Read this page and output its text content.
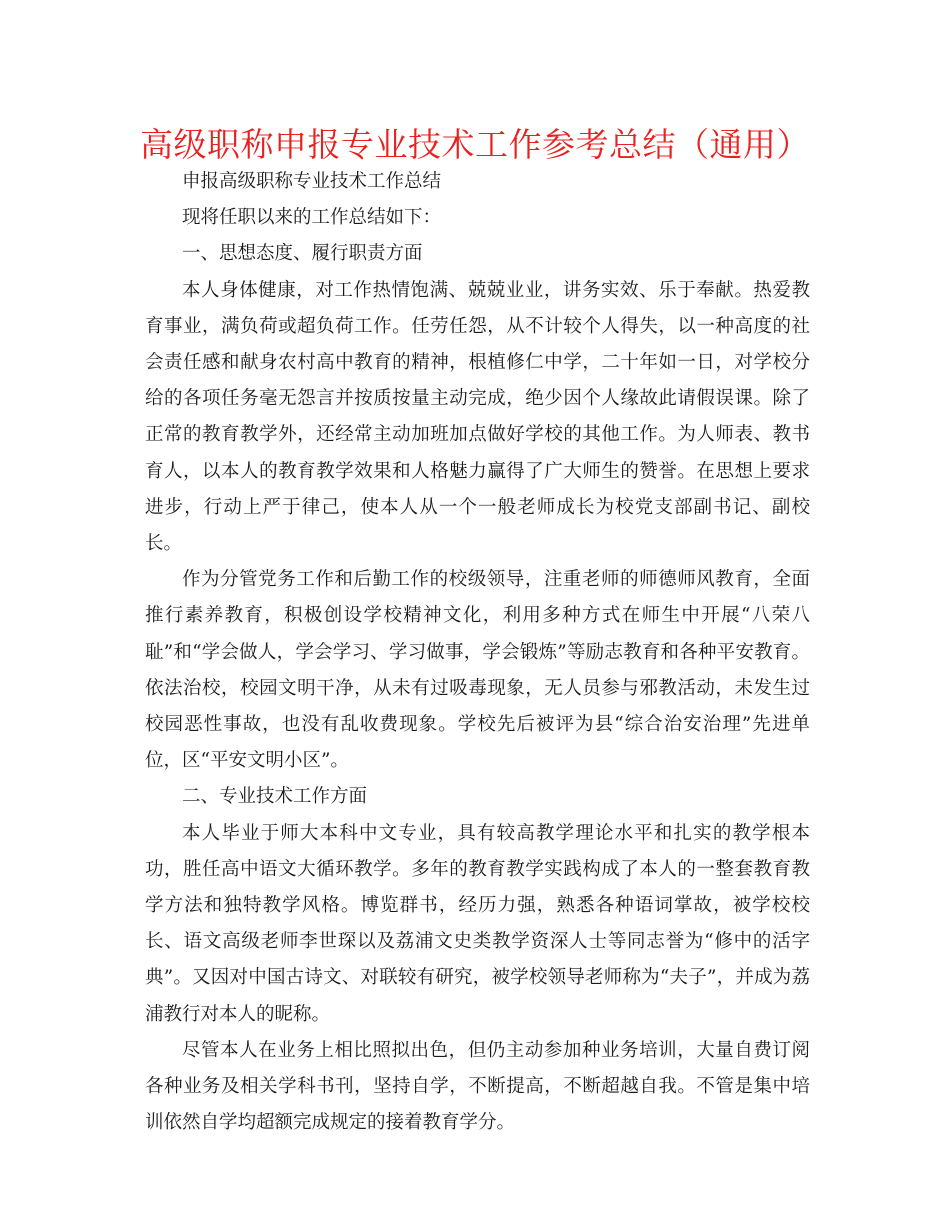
高级职称申报专业技术工作参考总结（通用）

申报高级职称专业技术工作总结

现将任职以来的工作总结如下：

一、思想态度、履行职责方面

本人身体健康，对工作热情饱满、兢兢业业，讲务实效、乐于奉献。热爱教育事业，满负荷或超负荷工作。任劳任怨，从不计较个人得失，以一种高度的社会责任感和献身农村高中教育的精神，根植修仁中学，二十年如一日，对学校分给的各项任务毫无怨言并按质按量主动完成，绝少因个人缘故此请假误课。除了正常的教育教学外，还经常主动加班加点做好学校的其他工作。为人师表、教书育人，以本人的教育教学效果和人格魅力赢得了广大师生的赞誉。在思想上要求进步，行动上严于律己，使本人从一个一般老师成长为校党支部副书记、副校长。

作为分管党务工作和后勤工作的校级领导，注重老师的师德师风教育，全面推行素养教育，积极创设学校精神文化，利用多种方式在师生中开展“八荣八耻”和“学会做人，学会学习、学习做事，学会锻炼”等励志教育和各种平安教育。依法治校，校园文明干净，从未有过吸毒现象，无人员参与邪教活动，未发生过校园恶性事故，也没有乱收费现象。学校先后被评为县“综合治安治理”先进单位，区“平安文明小区”。

二、专业技术工作方面

本人毕业于师大本科中文专业，具有较高教学理论水平和扎实的教学根本功，胜任高中语文大循环教学。多年的教育教学实践构成了本人的一整套教育教学方法和独特教学风格。博览群书，经历力强，熟悉各种语词掌故，被学校校长、语文高级老师李世琛以及荔浦文史类教学资深人士等同志誉为“修中的活字典”。又因对中国古诗文、对联较有研究，被学校领导老师称为“夫子”，并成为荔浦教行对本人的昵称。

尽管本人在业务上相比照拟出色，但仍主动参加种业务培训，大量自费订阅各种业务及相关学科书刊，坚持自学，不断提高，不断超越自我。不管是集中培训依然自学均超额完成规定的接着教育学分。
